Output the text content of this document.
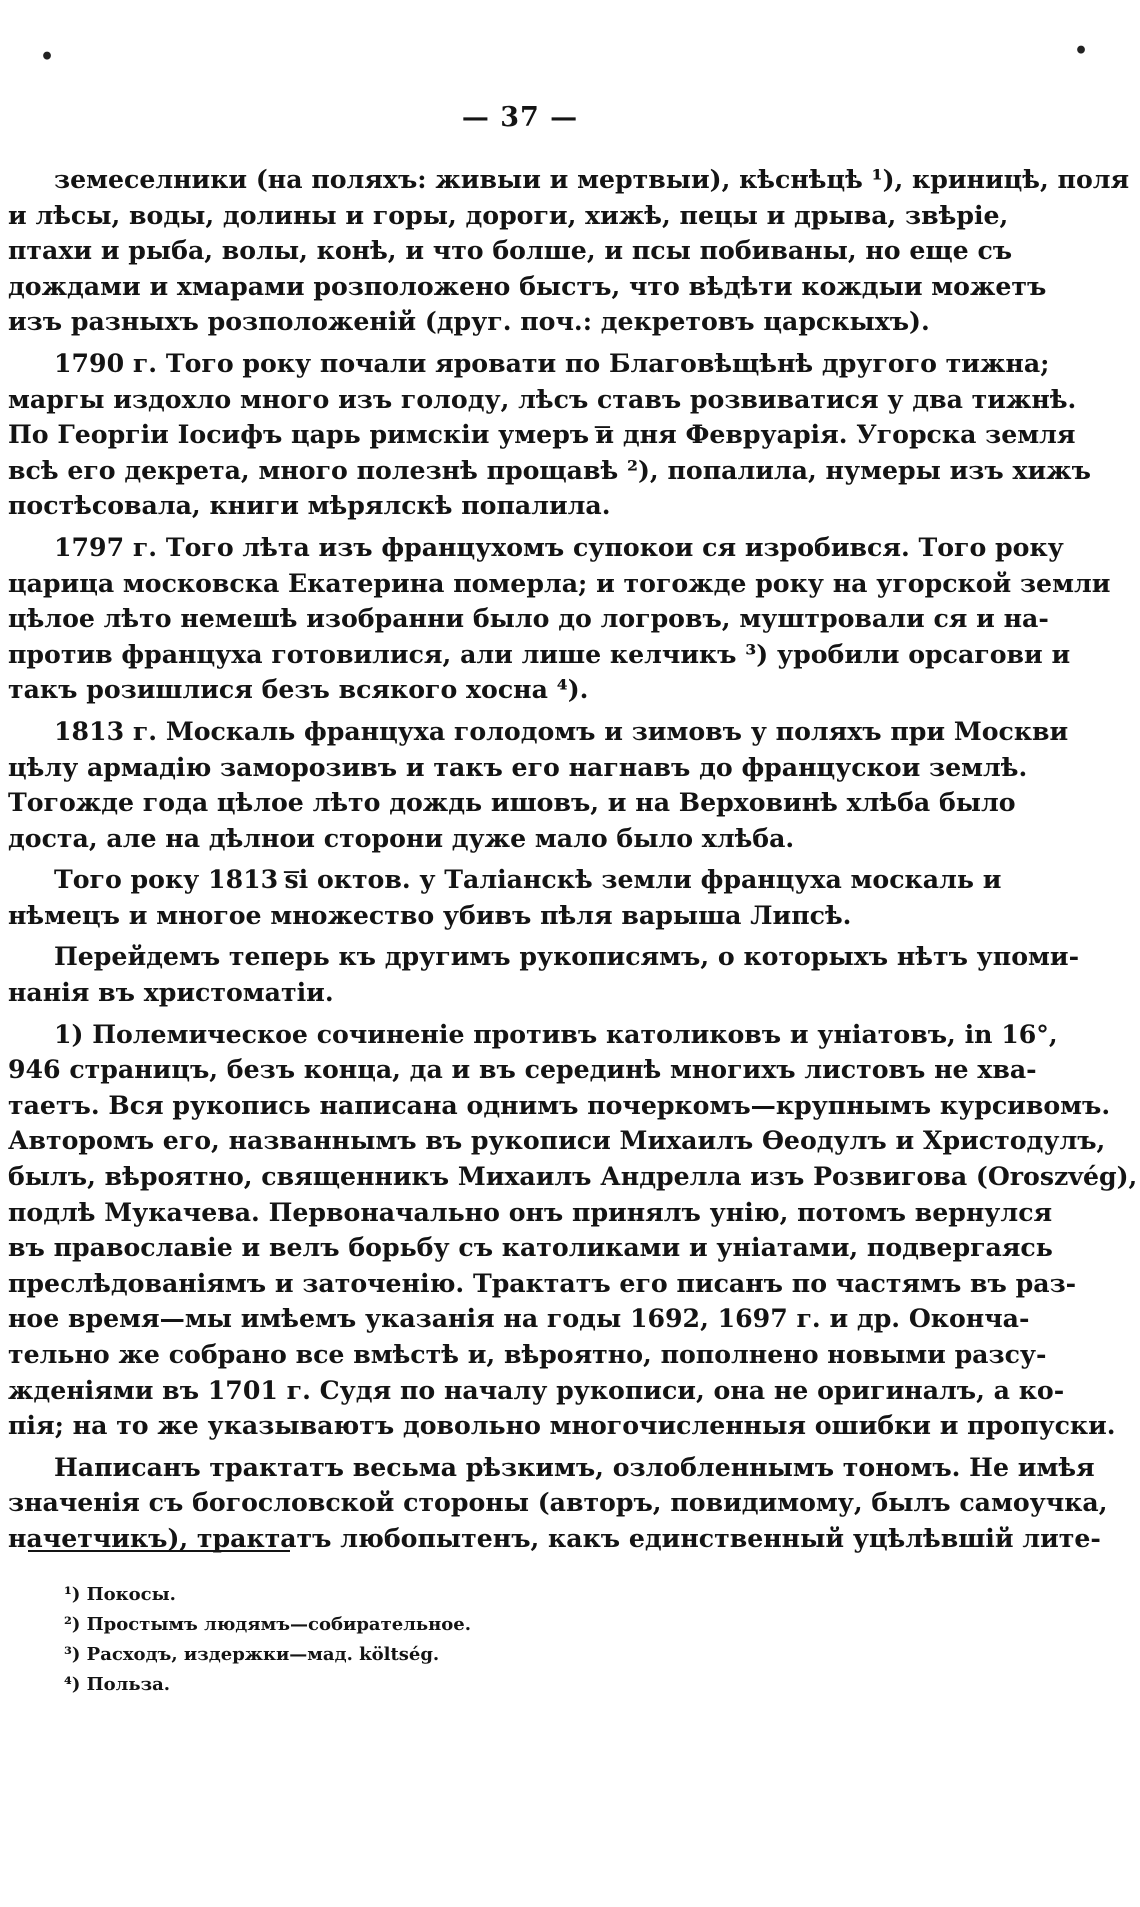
•	•
— 37 —
земеселники (на поляхъ: живыи и мертвыи), кѣснѣцѣ ¹), криницѣ, поля
и лѣсы, воды, долины и горы, дороги, хижѣ, пецы и дрыва, звѣріе,
птахи и рыба, волы, конѣ, и что болше, и псы побиваны, но еще съ
дождами и хмарами розположено быстъ, что вѣдѣти кождыи можетъ
изъ разныхъ розположеній (друг. поч.: декретовъ царскыхъ).
1790 г. Того року почали яровати по Благовѣщѣнѣ другого тижна;
маргы издохло много изъ голоду, лѣсъ ставъ розвиватися у два тижнѣ.
По Георгіи Іосифъ царь римскіи умеръ ͞и дня Февруарія. Угорска земля
всѣ его декрета, много полезнѣ прощавѣ ²), попалила, нумеры изъ хижъ
постѣсовала, книги мѣрялскѣ попалила.
1797 г. Того лѣта изъ францухомъ супокои ся изробився. Того року
царица московска Екатерина померла; и тогожде року на угорской земли
цѣлое лѣто немешѣ изобранни было до логровъ, муштровали ся и на-
против француха готовилися, али лише келчикъ ³) уробили орсагови и
такъ розишлися безъ всякого хосна ⁴).
1813 г. Москаль француха голодомъ и зимовъ у поляхъ при Москви
цѣлу армадію заморозивъ и такъ его нагнавъ до францускои землѣ.
Тогожде года цѣлое лѣто дождь ишовъ, и на Верховинѣ хлѣба было
доста, але на дѣлнои сторони дуже мало было хлѣба.
Того року 1813 ͞ѕі октов. у Таліанскѣ земли француха москаль и
нѣмецъ и многое множество убивъ пѣля варыша Липсѣ.
Перейдемъ теперь къ другимъ рукописямъ, о которыхъ нѣтъ упоми-
нанія въ христоматіи.
1) Полемическое сочиненіе противъ католиковъ и уніатовъ, in 16°,
946 страницъ, безъ конца, да и въ серединѣ многихъ листовъ не хва-
таетъ. Вся рукопись написана однимъ почеркомъ—крупнымъ курсивомъ.
Авторомъ его, названнымъ въ рукописи Михаилъ Өеодулъ и Христодулъ,
былъ, вѣроятно, священникъ Михаилъ Андрелла изъ Розвигова (Oroszvég),
подлѣ Мукачева. Первоначально онъ принялъ унію, потомъ вернулся
въ православіе и велъ борьбу съ католиками и уніатами, подвергаясь
преслѣдованіямъ и заточенію. Трактатъ его писанъ по частямъ въ раз-
ное время—мы имѣемъ указанія на годы 1692, 1697 г. и др. Оконча-
тельно же собрано все вмѣстѣ и, вѣроятно, пополнено новыми разсу-
жденіями въ 1701 г. Судя по началу рукописи, она не оригиналъ, а ко-
пія; на то же указываютъ довольно многочисленныя ошибки и пропуски.
Написанъ трактатъ весьма рѣзкимъ, озлобленнымъ тономъ. Не имѣя
значенія съ богословской стороны (авторъ, повидимому, былъ самоучка,
начетчикъ), трактатъ любопытенъ, какъ единственный уцѣлѣвшій лите-
¹) Покосы.
²) Простымъ людямъ—собирательное.
³) Расходъ, издержки—мад. költség.
⁴) Польза.
